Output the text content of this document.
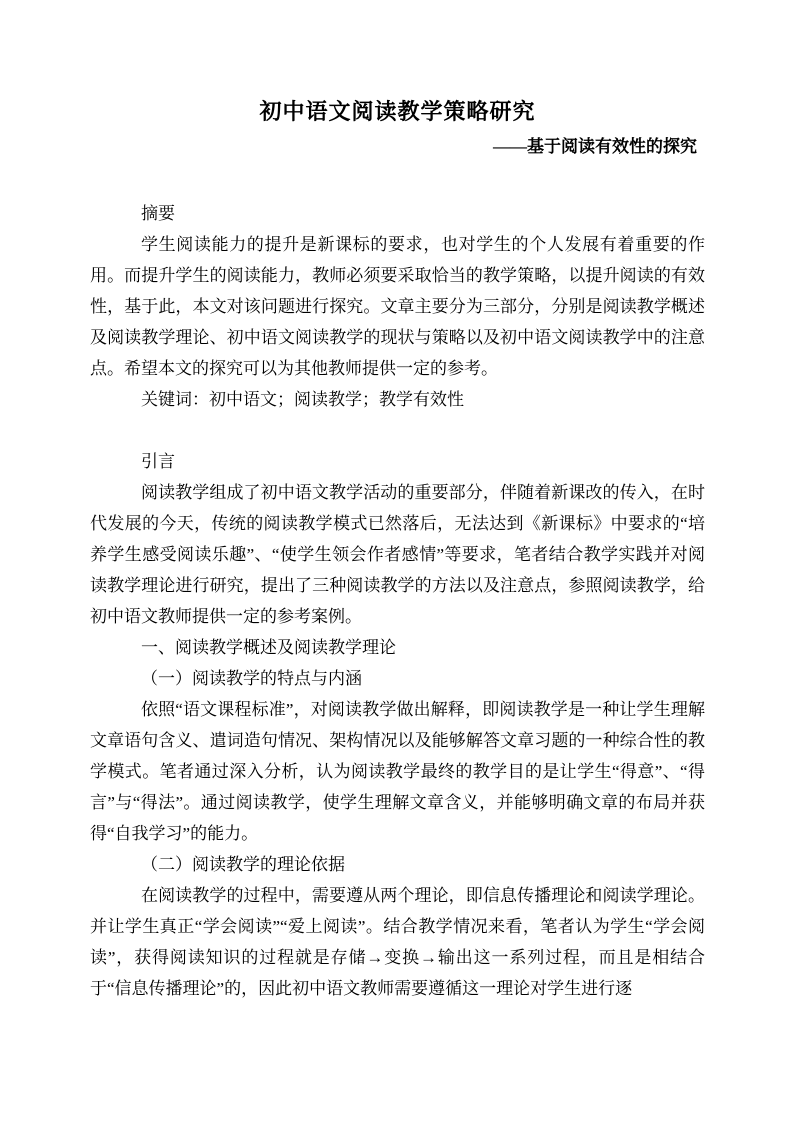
初中语文阅读教学策略研究
——基于阅读有效性的探究

摘要

学生阅读能力的提升是新课标的要求，也对学生的个人发展有着重要的作用。而提升学生的阅读能力，教师必须要采取恰当的教学策略，以提升阅读的有效性，基于此，本文对该问题进行探究。文章主要分为三部分，分别是阅读教学概述及阅读教学理论、初中语文阅读教学的现状与策略以及初中语文阅读教学中的注意点。希望本文的探究可以为其他教师提供一定的参考。

关键词：初中语文；阅读教学；教学有效性

引言

阅读教学组成了初中语文教学活动的重要部分，伴随着新课改的传入，在时代发展的今天，传统的阅读教学模式已然落后，无法达到《新课标》中要求的“培养学生感受阅读乐趣”、“使学生领会作者感情”等要求，笔者结合教学实践并对阅读教学理论进行研究，提出了三种阅读教学的方法以及注意点，参照阅读教学，给初中语文教师提供一定的参考案例。

一、阅读教学概述及阅读教学理论

（一）阅读教学的特点与内涵

依照“语文课程标准”，对阅读教学做出解释，即阅读教学是一种让学生理解文章语句含义、遣词造句情况、架构情况以及能够解答文章习题的一种综合性的教学模式。笔者通过深入分析，认为阅读教学最终的教学目的是让学生“得意”、“得言”与“得法”。通过阅读教学，使学生理解文章含义，并能够明确文章的布局并获得“自我学习”的能力。

（二）阅读教学的理论依据

在阅读教学的过程中，需要遵从两个理论，即信息传播理论和阅读学理论。并让学生真正“学会阅读”“爱上阅读”。结合教学情况来看，笔者认为学生“学会阅读”，获得阅读知识的过程就是存储→变换→输出这一系列过程，而且是相结合于“信息传播理论”的，因此初中语文教师需要遵循这一理论对学生进行逐
